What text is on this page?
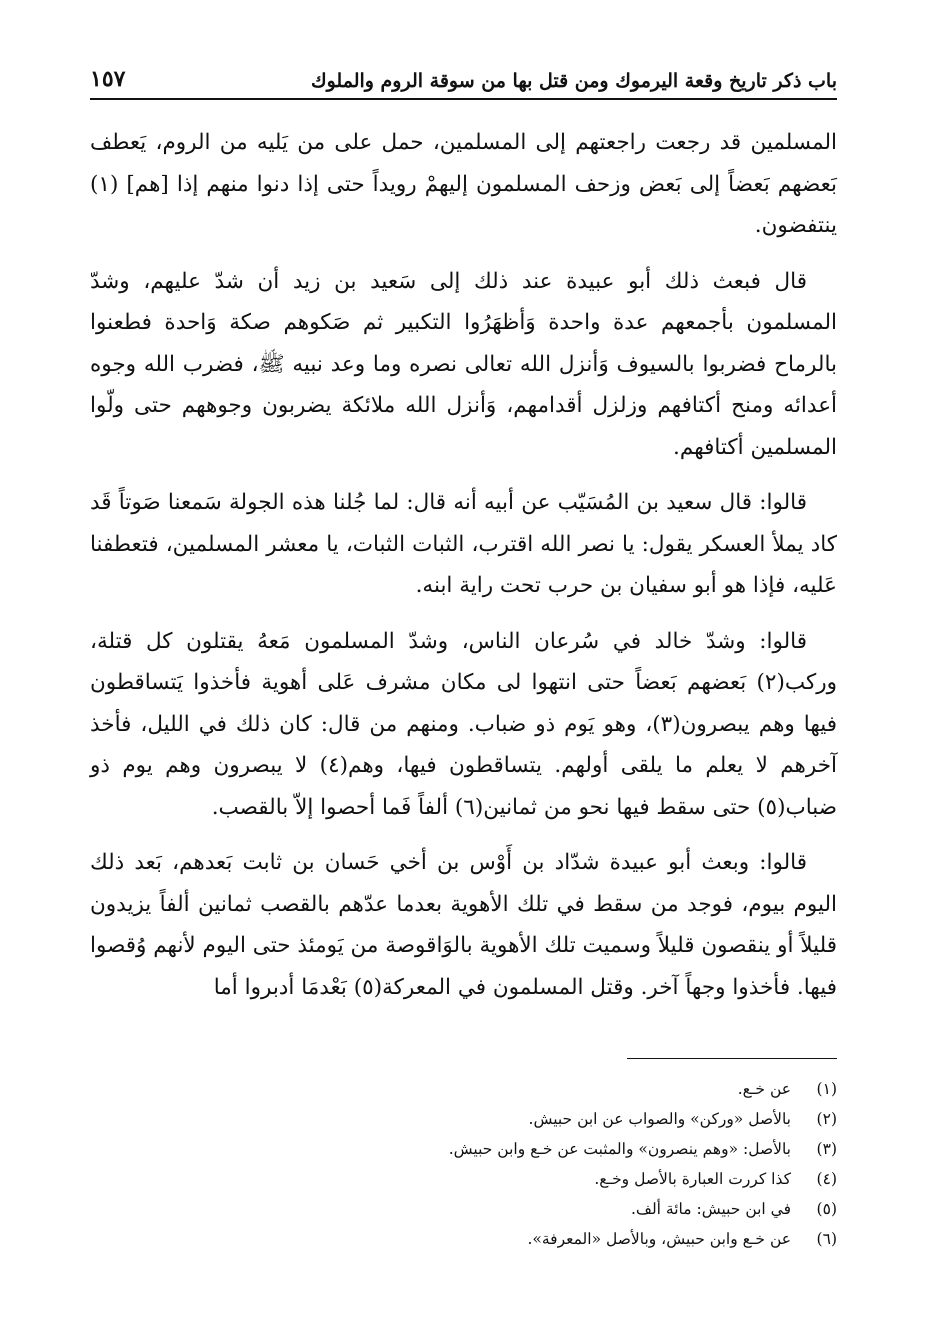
باب ذكر تاريخ وقعة اليرموك ومن قتل بها من سوقة الروم والملوك
١٥٧

المسلمين قد رجعت راجعتهم إلى المسلمين، حمل على من يَليه من الروم، يَعطف بَعضهم بَعضاً إلى بَعض وزحف المسلمون إليهمْ رويداً حتى إذا دنوا منهم إذا [هم] (١) ينتفضون.

قال فبعث ذلك أبو عبيدة عند ذلك إلى سَعيد بن زيد أن شدّ عليهم، وشدّ المسلمون بأجمعهم عدة واحدة وَأظهَرُوا التكبير ثم صَكوهم صكة وَاحدة فطعنوا بالرماح فضربوا بالسيوف وَأنزل الله تعالى نصره وما وعد نبيه ﷺ، فضرب الله وجوه أعدائه ومنح أكتافهم وزلزل أقدامهم، وَأنزل الله ملائكة يضربون وجوههم حتى ولّوا المسلمين أكتافهم.

قالوا: قال سعيد بن المُسَيّب عن أبيه أنه قال: لما جُلنا هذه الجولة سَمعنا صَوتاً قَد كاد يملأ العسكر يقول: يا نصر الله اقترب، الثبات الثبات، يا معشر المسلمين، فتعطفنا عَليه، فإذا هو أبو سفيان بن حرب تحت راية ابنه.

قالوا: وشدّ خالد في سُرعان الناس، وشدّ المسلمون مَعهُ يقتلون كل قتلة، وركب(٢) بَعضهم بَعضاً حتى انتهوا لى مكان مشرف عَلى أهوية فأخذوا يَتساقطون فيها وهم يبصرون(٣)، وهو يَوم ذو ضباب. ومنهم من قال: كان ذلك في الليل، فأخذ آخرهم لا يعلم ما يلقى أولهم. يتساقطون فيها، وهم(٤) لا يبصرون وهم يوم ذو ضباب(٥) حتى سقط فيها نحو من ثمانين(٦) ألفاً فَما أحصوا إلاّ بالقصب.

قالوا: وبعث أبو عبيدة شدّاد بن أَوْس بن أخي حَسان بن ثابت بَعدهم، بَعد ذلك اليوم بيوم، فوجد من سقط في تلك الأهوية بعدما عدّهم بالقصب ثمانين ألفاً يزيدون قليلاً أو ينقصون قليلاً وسميت تلك الأهوية بالوَاقوصة من يَومئذ حتى اليوم لأنهم وُقصوا فيها. فأخذوا وجهاً آخر. وقتل المسلمون في المعركة(٥) بَعْدمَا أدبروا أما

(١)
عن خـع.
(٢)
بالأصل «وركن» والصواب عن ابن حبيش.
(٣)
بالأصل: «وهم ينصرون» والمثبت عن خـع وابن حبيش.
(٤)
كذا كررت العبارة بالأصل وخـع.
(٥)
في ابن حبيش: مائة ألف.
(٦)
عن خـع وابن حبيش، وبالأصل «المعرفة».
